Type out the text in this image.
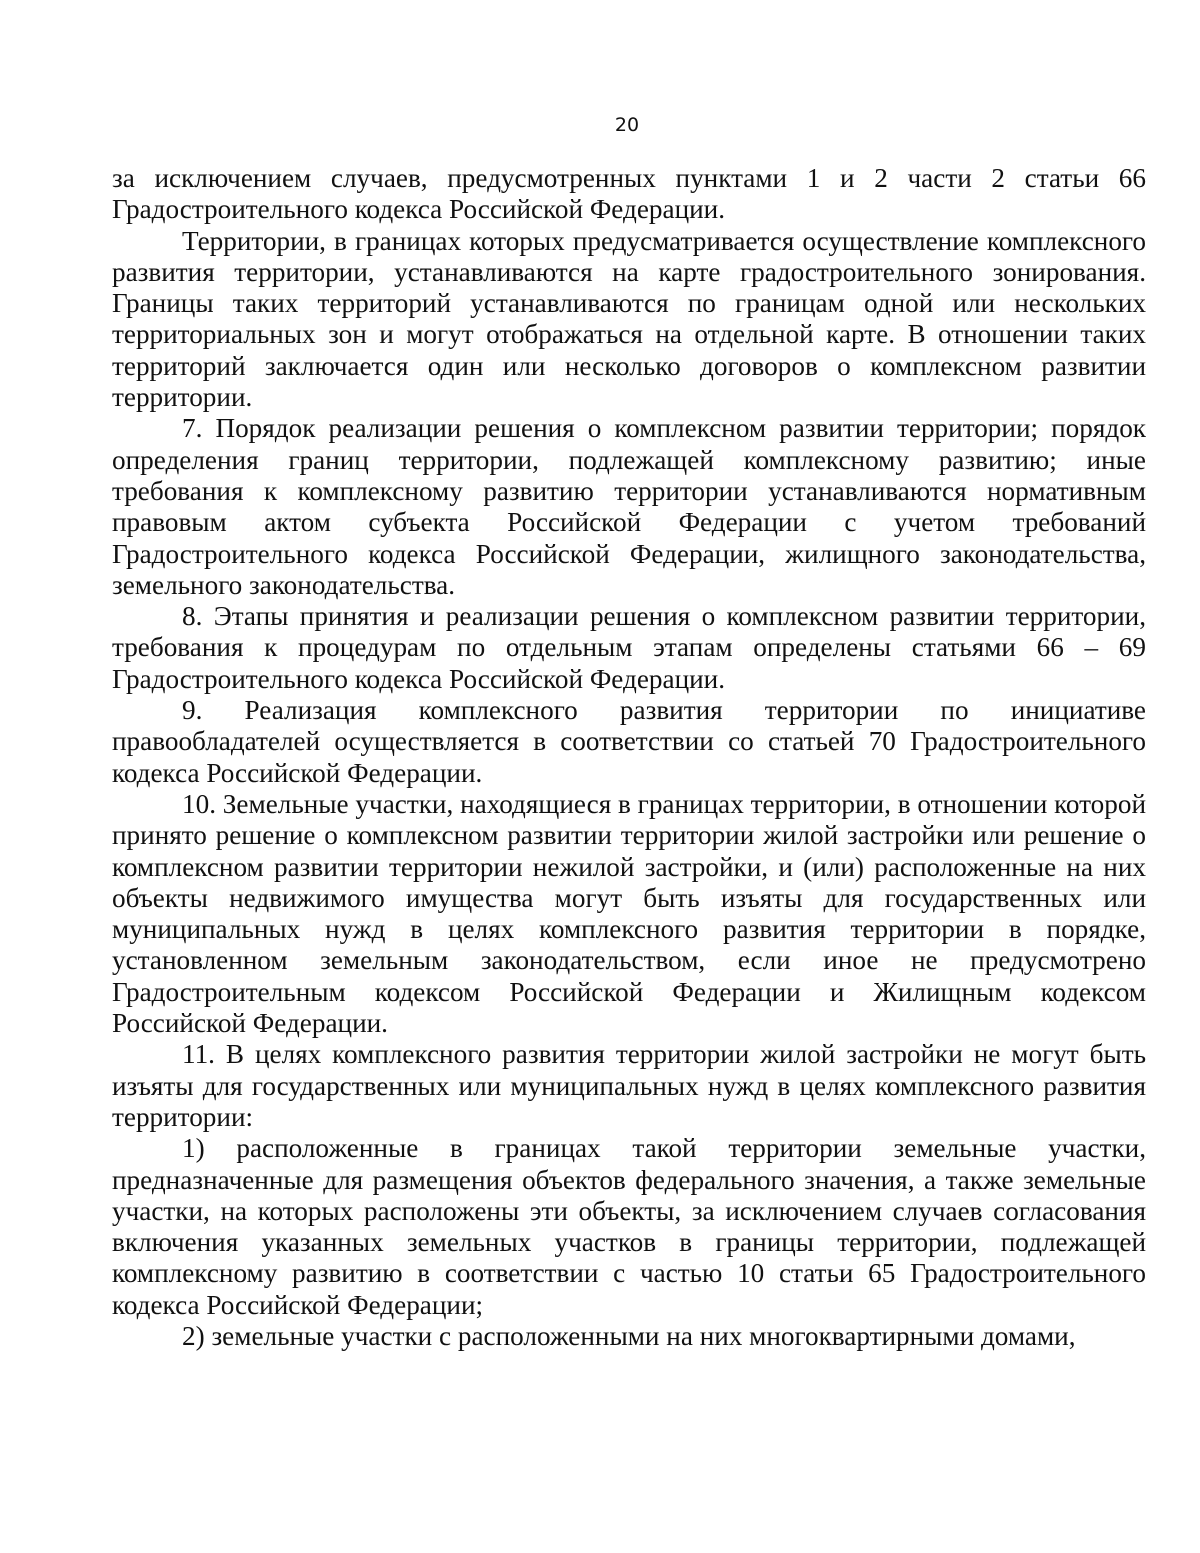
20

за исключением случаев, предусмотренных пунктами 1 и 2 части 2 статьи 66 Градостроительного кодекса Российской Федерации.

Территории, в границах которых предусматривается осуществление комплексного развития территории, устанавливаются на карте градостроительного зонирования. Границы таких территорий устанавливаются по границам одной или нескольких территориальных зон и могут отображаться на отдельной карте. В отношении таких территорий заключается один или несколько договоров о комплексном развитии территории.

7. Порядок реализации решения о комплексном развитии территории; порядок определения границ территории, подлежащей комплексному развитию; иные требования к комплексному развитию территории устанавливаются нормативным правовым актом субъекта Российской Федерации с учетом требований Градостроительного кодекса Российской Федерации, жилищного законодательства, земельного законодательства.

8. Этапы принятия и реализации решения о комплексном развитии территории, требования к процедурам по отдельным этапам определены статьями 66 – 69 Градостроительного кодекса Российской Федерации.

9. Реализация комплексного развития территории по инициативе правообладателей осуществляется в соответствии со статьей 70 Градостроительного кодекса Российской Федерации.

10. Земельные участки, находящиеся в границах территории, в отношении которой принято решение о комплексном развитии территории жилой застройки или решение о комплексном развитии территории нежилой застройки, и (или) расположенные на них объекты недвижимого имущества могут быть изъяты для государственных или муниципальных нужд в целях комплексного развития территории в порядке, установленном земельным законодательством, если иное не предусмотрено Градостроительным кодексом Российской Федерации и Жилищным кодексом Российской Федерации.

11. В целях комплексного развития территории жилой застройки не могут быть изъяты для государственных или муниципальных нужд в целях комплексного развития территории:

1) расположенные в границах такой территории земельные участки, предназначенные для размещения объектов федерального значения, а также земельные участки, на которых расположены эти объекты, за исключением случаев согласования включения указанных земельных участков в границы территории, подлежащей комплексному развитию в соответствии с частью 10 статьи 65 Градостроительного кодекса Российской Федерации;

2) земельные участки с расположенными на них многоквартирными домами,
